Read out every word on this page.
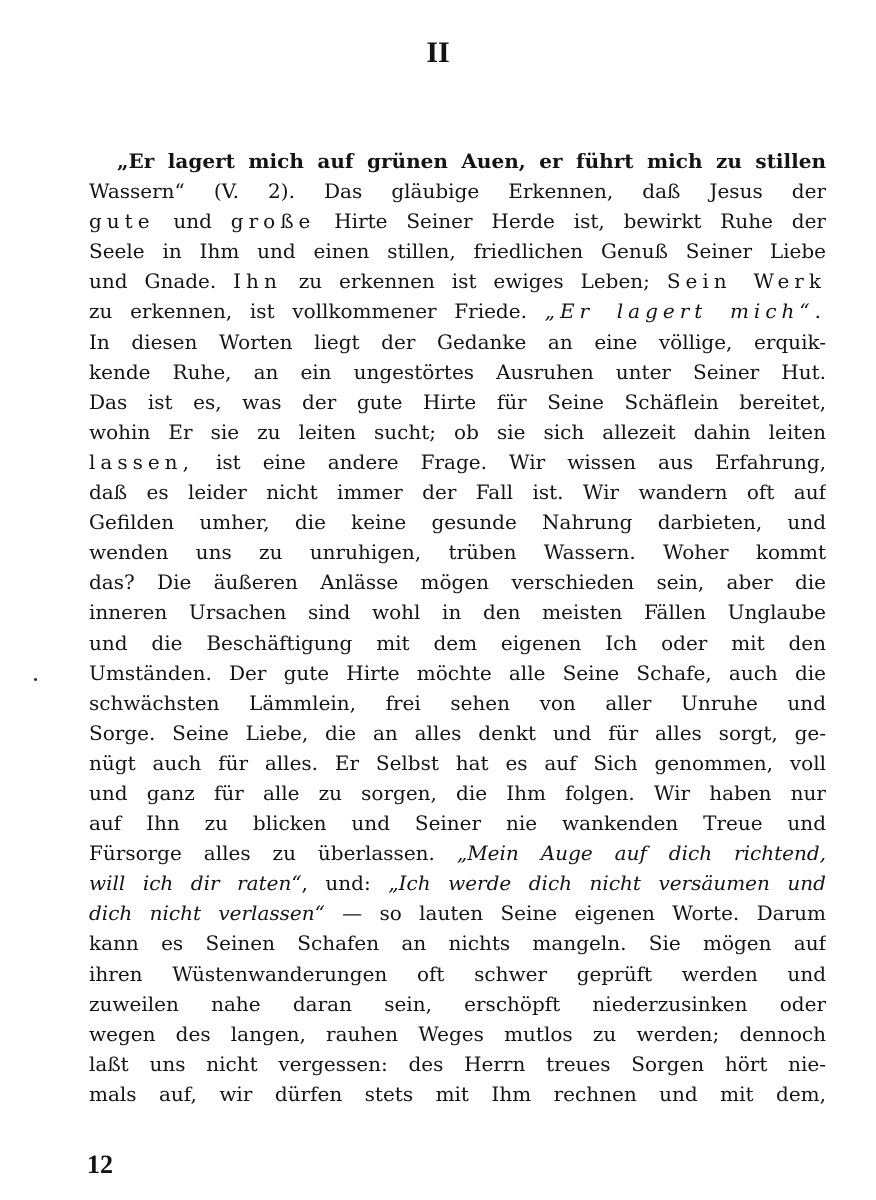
II
„Er lagert mich auf grünen Auen, er führt mich zu stillen
Wassern“ (V. 2). Das gläubige Erkennen, daß Jesus der
gute und große Hirte Seiner Herde ist, bewirkt Ruhe der
Seele in Ihm und einen stillen, friedlichen Genuß Seiner Liebe
und Gnade. Ihn zu erkennen ist ewiges Leben; Sein Werk
zu erkennen, ist vollkommener Friede. „Er lagert mich“.
In diesen Worten liegt der Gedanke an eine völlige, erquik-
kende Ruhe, an ein ungestörtes Ausruhen unter Seiner Hut.
Das ist es, was der gute Hirte für Seine Schäflein bereitet,
wohin Er sie zu leiten sucht; ob sie sich allezeit dahin leiten
lassen, ist eine andere Frage. Wir wissen aus Erfahrung,
daß es leider nicht immer der Fall ist. Wir wandern oft auf
Gefilden umher, die keine gesunde Nahrung darbieten, und
wenden uns zu unruhigen, trüben Wassern. Woher kommt
das? Die äußeren Anlässe mögen verschieden sein, aber die
inneren Ursachen sind wohl in den meisten Fällen Unglaube
und die Beschäftigung mit dem eigenen Ich oder mit den
Umständen. Der gute Hirte möchte alle Seine Schafe, auch die
schwächsten Lämmlein, frei sehen von aller Unruhe und
Sorge. Seine Liebe, die an alles denkt und für alles sorgt, ge-
nügt auch für alles. Er Selbst hat es auf Sich genommen, voll
und ganz für alle zu sorgen, die Ihm folgen. Wir haben nur
auf Ihn zu blicken und Seiner nie wankenden Treue und
Fürsorge alles zu überlassen. „Mein Auge auf dich richtend,
will ich dir raten“, und: „Ich werde dich nicht versäumen und
dich nicht verlassen“ — so lauten Seine eigenen Worte. Darum
kann es Seinen Schafen an nichts mangeln. Sie mögen auf
ihren Wüstenwanderungen oft schwer geprüft werden und
zuweilen nahe daran sein, erschöpft niederzusinken oder
wegen des langen, rauhen Weges mutlos zu werden; dennoch
laßt uns nicht vergessen: des Herrn treues Sorgen hört nie-
mals auf, wir dürfen stets mit Ihm rechnen und mit dem,
12
